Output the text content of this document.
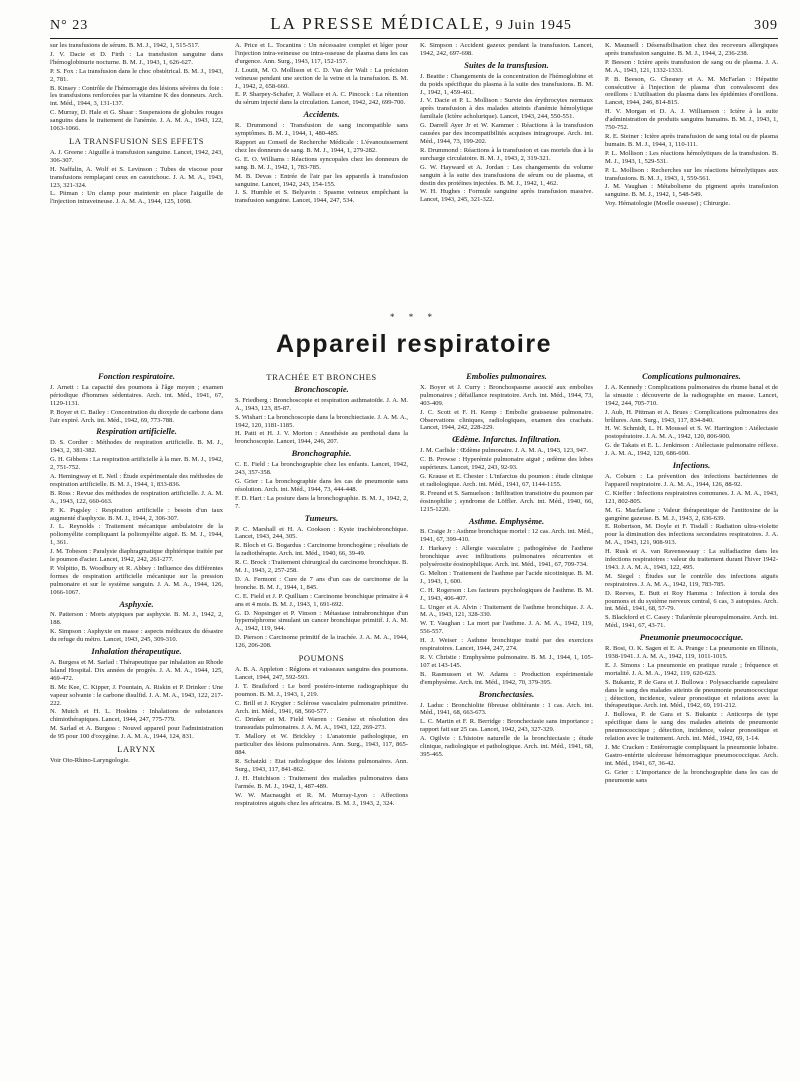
N° 23	LA PRESSE MÉDICALE, 9 Juin 1945	309

sur les transfusions de sérum. B. M. J., 1942, 1, 515-517.

J. V. Dacie et D. Firth : La transfusion sanguine dans l'hémoglobinurie nocturne. B. M. J., 1943, 1, 626-627.

P. S. Fox : La transfusion dans le choc obstétrical. B. M. J., 1943, 2, 781.

B. Kinsey : Contrôle de l'hémorragie des lésions sévères du foie : les transfusions renforcées par la vitamine K des donneurs. Arch. int. Méd., 1944, 3, 131-137.

C. Murray, D. Hale et G. Shaar : Suspensions de globules rouges sanguins dans le traitement de l'anémie. J. A. M. A., 1943, 122, 1063-1066.

LA TRANSFUSION SES EFFETS

A. J. Greene : Aiguille à transfusion sanguine. Lancet, 1942, 243, 306-307.

H. Naffulin, A. Wolf et S. Levinson : Tubes de viscose pour transfusions remplaçant ceux en caoutchouc. J. A. M. A., 1943, 123, 321-324.

L. Pitman : Un clamp pour maintenir en place l'aiguille de l'injection intraveineuse. J. A. M. A., 1944, 125, 1098.

A. Price et L. Tocantins : Un nécessaire complet et léger pour l'injection intra-veineuse ou intra-osseuse de plasma dans les cas d'urgence. Ann. Surg., 1943, 117, 152-157.

J. Loutit, M. O. Mollison et C. D. Van der Walt : La précision veineuse pendant une section de la veine et la transfusion. B. M. J., 1942, 2, 658-660.

E. P. Sharpey-Schafer, J. Wallace et A. C. Pincock : La rétention du sérum injecté dans la circulation. Lancet, 1942, 242, 699-700.

Accidents.

R. Drummond : Transfusion de sang incompatible sans symptômes. B. M. J., 1944, 1, 480-485.

Rapport au Conseil de Recherche Médicale : L'évanouissement chez les donneurs de sang. B. M. J., 1944, 1, 279-282.

G. E. O. Williams : Réactions syncopales chez les donneurs de sang. B. M. J., 1942, 1, 783-785.

M. B. Devas : Entrée de l'air par les appareils à transfusion sanguine. Lancet, 1942, 243, 154-155.

J. S. Humble et S. Belyavin : Spasme veineux empêchant la transfusion sanguine. Lancet, 1944, 247, 534.

K. Simpson : Accident gazeux pendant la transfusion. Lancet, 1942, 242, 697-698.

Suites de la transfusion.

J. Beattie : Changements de la concentration de l'hémoglobine et du poids spécifique du plasma à la suite des transfusions. B. M. J., 1942, 1, 459-461.

J. V. Dacie et P. L. Mollison : Survie des érythrocytes normaux après transfusion à des malades atteints d'anémie hémolytique familiale (Ictère acholurique). Lancet, 1943, 244, 550-551.

G. Darrell Ayer Jr et W. Kammer : Réactions à la transfusion causées par des incompatibilités acquises intragroupe. Arch. int. Méd., 1944, 73, 199-202.

R. Drummond : Réactions à la transfusion et cas mortels dus à la surcharge circulatoire. B. M. J., 1943, 2, 319-321.

G. W. Hayward et A. Jordan : Les changements du volume sanguin à la suite des transfusions de sérum ou de plasma, et destin des protéines injectées. B. M. J., 1942, 1, 462.

W. H. Hughes : Formule sanguine après transfusion massive. Lancet, 1943, 245, 321-322.

K. Maunsell : Désensibilisation chez des receveurs allergiques après transfusion sanguine. B. M. J., 1944, 2, 236-238.

P. Beeson : Ictère après transfusion de sang ou de plasma. J. A. M. A., 1943, 121, 1332-1333.

P. B. Beeson, G. Chesney et A. M. McFarlan : Hépatite consécutive à l'injection de plasma d'un convalescent des oreillons : L'utilisation du plasma dans les épidémies d'oreillons. Lancet, 1944, 246, 814-815.

H. V. Morgan et D. A. J. Williamson : Ictère à la suite d'administration de produits sanguins humains. B. M. J., 1943, 1, 750-752.

R. E. Steiner : Ictère après transfusion de sang total ou de plasma humain. B. M. J., 1944, 1, 110-111.

P. L. Mollison : Les réactions hémolytiques de la transfusion. B. M. J., 1943, 1, 529-531.

P. L. Mollison : Recherches sur les réactions hémolytiques aux transfusions. B. M. J., 1943, 1, 559-561.

J. M. Vaughan : Métabolisme du pigment après transfusion sanguine. B. M. J., 1942, 1, 548-549.

Voy. Hématologie (Moelle osseuse) ; Chirurgie.

* * *
Appareil respiratoire
Fonction respiratoire.

J. Arnett : La capacité des poumons à l'âge moyen ; examen périodique d'hommes sédentaires. Arch. int. Méd., 1941, 67, 1129-1131.

P. Boyer et C. Bailey : Concentration du dioxyde de carbone dans l'air expiré. Arch. int. Méd., 1942, 69, 773-788.

Respiration artificielle.

D. S. Cordier : Méthodes de respiration artificielle. B. M. J., 1943, 2, 381-382.

G. H. Gibbens : La respiration artificielle à la mer. B. M. J., 1942, 2, 751-752.

A. Hemingway et E. Neil : Étude expérimentale des méthodes de respiration artificielle. B. M. J., 1944, 1, 833-836.

B. Ross : Revue des méthodes de respiration artificielle. J. A. M. A., 1943, 122, 660-663.

P. K. Pugsley : Respiration artificielle : besoin d'un taux augmenté d'asphyxie. B. M. J., 1944, 2, 306-307.

J. L. Reynolds : Traitement mécanique ambulatoire de la poliomyélite compliquant la poliomyélite aiguë. B. M. J., 1944, 1, 361.

J. M. Tobeson : Paralysie diaphragmatique diphtérique traitée par le poumon d'acier. Lancet, 1942, 242, 261-277.

P. Volpitto, B. Woodbury et R. Abbey : Influence des différentes formes de respiration artificielle mécanique sur la pression pulmonaire et sur le système sanguin. J. A. M. A., 1944, 126, 1066-1067.

Asphyxie.

N. Patterson : Morts atypiques par asphyxie. B. M. J., 1942, 2, 188.

K. Simpson : Asphyxie en masse : aspects médicaux du désastre du refuge du métro. Lancet, 1943, 245, 309-310.

Inhalation thérapeutique.

A. Burgess et M. Sarlad : Thérapeutique par inhalation au Rhode Island Hospital. Dix années de progrès. J. A. M. A., 1944, 125, 469-472.

B. Mc Kee, C. Kipper, J. Fountain, A. Riskin et P. Drinker : Une vapeur solvante : le carbone disulfid. J. A. M. A., 1943, 122, 217-222.

N. Mutch et H. L. Hoskins : Inhalations de substances chimiothérapiques. Lancet, 1944, 247, 775-779.

M. Sarlad et A. Burgess : Nouvel appareil pour l'administration de 95 pour 100 d'oxygène. J. A. M. A., 1944, 124, 831.

LARYNX

Voir Oto-Rhino-Laryngologie.

TRACHÉE ET BRONCHES
Bronchoscopie.

S. Friedberg : Bronchoscopie et respiration asthmatoïde. J. A. M. A., 1943, 123, 85-87.

S. Wishart : La bronchoscopie dans la bronchiectasie. J. A. M. A., 1942, 120, 1181-1185.

H. Patti et H. J. V. Morton : Anesthésie au penthotal dans la bronchoscopie. Lancet, 1944, 246, 207.

Bronchographie.

C. E. Field : La bronchographie chez les enfants. Lancet, 1942, 243, 357-358.

G. Grier : La bronchographie dans les cas de pneumonie sans résolution. Arch. int. Méd., 1944, 73, 444-448.

F. D. Hart : La posture dans la bronchographie. B. M. J., 1942, 2, 7.

Tumeurs.

P. C. Marshall et H. A. Cookson : Kyste trachéobronchique. Lancet, 1943, 244, 305.

R. Bloch et G. Bogardus : Carcinome bronchogène ; résultats de la radiothérapie. Arch. int. Méd., 1940, 66, 39-49.

R. C. Brock : Traitement chirurgical du carcinome bronchique. B. M. J., 1943, 2, 257-258.

D. A. Fermont : Cure de 7 ans d'un cas de carcinome de la bronche. B. M. J., 1944, 1, 845.

C. E. Field et J. P. Quilliam : Carcinome bronchique primaire à 4 ans et 4 mois. B. M. J., 1943, 1, 691-692.

G. D. Nopsinger et P. Vinson : Métastase intrabronchique d'un hypernéphrome simulant un cancer bronchique primitif. J. A. M. A., 1942, 119, 944.

D. Pierson : Carcinome primitif de la trachée. J. A. M. A., 1944, 126, 206-208.

POUMONS

A. B. A. Appleton : Régions et vaisseaux sanguins des poumons. Lancet, 1944, 247, 592-593.

J. T. Brailsford : Le bord postéro-interne radiographique du poumon. B. M. J., 1943, 1, 219.

C. Brill et J. Krygier : Sclérose vasculaire pulmonaire primitive. Arch. int. Méd., 1941, 68, 560-577.

C. Drinker et M. Field Warren : Genèse et résolution des transsudats pulmonaires. J. A. M. A., 1943, 122, 269-273.

T. Mallory et W. Brickley : L'anatomie pathologique, en particulier des lésions pulmonaires. Ann. Surg., 1943, 117, 865-884.

R. Schatzki : Etat radiologique des lésions pulmonaires. Ann. Surg., 1943, 117, 841-862.

J. H. Hutchison : Traitement des maladies pulmonaires dans l'armée. B. M. J., 1942, 1, 487-489.

W. W. Macnaught et R. M. Murray-Lyon : Affections respiratoires aiguës chez les africains. B. M. J., 1943, 2, 324.

Embolies pulmonaires.

X. Boyer et J. Curry : Bronchospasme associé aux embolies pulmonaires ; défaillance respiratoire. Arch. int. Méd., 1944, 73, 403-409.

J. C. Scott et F. H. Kemp : Embolie graisseuse pulmonaire. Observations cliniques, radiologiques, examen des crachats. Lancet, 1944, 242, 228-229.

Œdème. Infarctus. Infiltration.

J. M. Carlisle : Œdème pulmonaire. J. A. M. A., 1943, 123, 947.

C. B. Prowse : Hyperémie pulmonaire aiguë ; œdème des lobes supérieurs. Lancet, 1942, 243, 92-93.

G. Krause et E. Chester : L'infarctus du poumon : étude clinique et radiologique. Arch. int. Méd., 1941, 67, 1144-1155.

R. Freund et S. Samuelson : Infiltration transitoire du poumon par éosinophilie ; syndrome de Löffler. Arch. int. Méd., 1940, 66, 1215-1220.

Asthme. Emphysème.

B. Craige Jr : Asthme bronchique mortel : 12 cas. Arch. int. Méd., 1941, 67, 399-410.

J. Harkavy : Allergie vasculaire ; pathogénèse de l'asthme bronchique avec infiltrations pulmonaires récurrentes et polysérosite éosinophilique. Arch. int. Méd., 1941, 67, 709-734.

G. Melton : Traitement de l'asthme par l'acide nicotinique. B. M. J., 1943, 1, 600.

C. H. Rogerson : Les facteurs psychologiques de l'asthme. B. M. J., 1943, 406-407.

L. Unger et A. Alvin : Traitement de l'asthme bronchique. J. A. M. A., 1943, 121, 328-330.

W. T. Vaughan : La mort par l'asthme. J. A. M. A., 1942, 119, 556-557.

H. J. Weiser : Asthme bronchique traité par des exercices respiratoires. Lancet, 1944, 247, 274.

R. V. Christie : Emphysème pulmonaire. B. M. J., 1944, 1, 105-107 et 143-145.

B. Rasmussen et W. Adams : Production expérimentale d'emphysème. Arch. int. Méd., 1942, 70, 379-395.

Bronchectasies.

J. Laduc : Bronchiolite fibreuse oblitérante : 1 cas. Arch. int. Méd., 1941, 68, 663-673.

L. C. Martin et F. R. Berridge : Bronchectasie sans importance ; rapport fait sur 25 cas. Lancet, 1942, 243, 327-329.

A. Ogilvie : L'histoire naturelle de la bronchiectasie ; étude clinique, radiologique et pathologique. Arch. int. Méd., 1941, 68, 395-465.

Complications pulmonaires.

J. A. Kennedy : Complications pulmonaires du rhume banal et de la sinusite : découverte de la radiographie en masse. Lancet, 1942, 244, 705-710.

J. Aub, H. Pittman et A. Brues : Complications pulmonaires des brûlures. Ann. Surg., 1943, 117, 834-840.

H. W. Schmidt, L. H. Moussel et S. W. Harrington : Atélectasie postopératoire. J. A. M. A., 1942, 120, 806-900.

G. de Takats et E. L. Jenkinson : Atélectasie pulmonaire réflexe. J. A. M. A., 1942, 120, 686-690.

Infections.

A. Coburn : La prévention des infections bactériennes de l'appareil respiratoire. J. A. M. A., 1944, 126, 88-92.

C. Kieffer : Infections respiratoires communes. J. A. M. A., 1943, 121, 802-805.

M. G. Macfarlane : Valeur thérapeutique de l'antitoxine de la gangrène gazeuse. B. M. J., 1943, 2, 636-639.

E. Robertson, M. Doyle et F. Tisdall : Radiation ultra-violette pour la diminution des infections secondaires respiratoires. J. A. M. A., 1943, 121, 908-913.

H. Rusk et A. van Ravensswaay : La sulfadiazine dans les infections respiratoires : valeur du traitement durant l'hiver 1942-1943. J. A. M. A., 1943, 122, 495.

M. Siegel : Études sur le contrôle des infections aiguës respiratoires. J. A. M. A., 1942, 119, 783-785.

D. Reeves, E. Butt et Roy Hamma : Infection à torula des poumons et du système nerveux central, 6 cas, 3 autopsies. Arch. int. Méd., 1941, 68, 57-79.

S. Blackford et C. Casey : Tularémie pleuropulmonaire. Arch. int. Méd., 1941, 67, 43-71.

Pneumonie pneumococcique.

R. Bosi, O. K. Sagen et E. A. Prange : La pneumonie en Illinois, 1938-1941. J. A. M. A., 1942, 119, 1011-1015.

E. J. Simons : La pneumonie en pratique rurale ; fréquence et mortalité. J. A. M. A., 1942, 119, 620-623.

S. Bukantz, P. de Gara et J. Bullowa : Polysaccharide capsulaire dans le sang des malades atteints de pneumonie pneumococcique ; détection, incidence, valeur pronostique et relations avec la thérapeutique. Arch. int. Méd., 1942, 69, 191-212.

J. Bullowa, P. de Gara et S. Bukantz : Anticorps de type spécifique dans le sang des malades atteints de pneumonie pneumococcique ; détection, incidence, valeur pronostique et relation avec le traitement. Arch. int. Méd., 1942, 69, 1-14.

J. Mc Cracken : Entérorragie compliquant la pneumonie lobaire. Gastro-entérite ulcéreuse hémorragique pneumococcique. Arch. int. Méd., 1941, 67, 36-42.

G. Grier : L'importance de la bronchographie dans les cas de pneumonie sans
